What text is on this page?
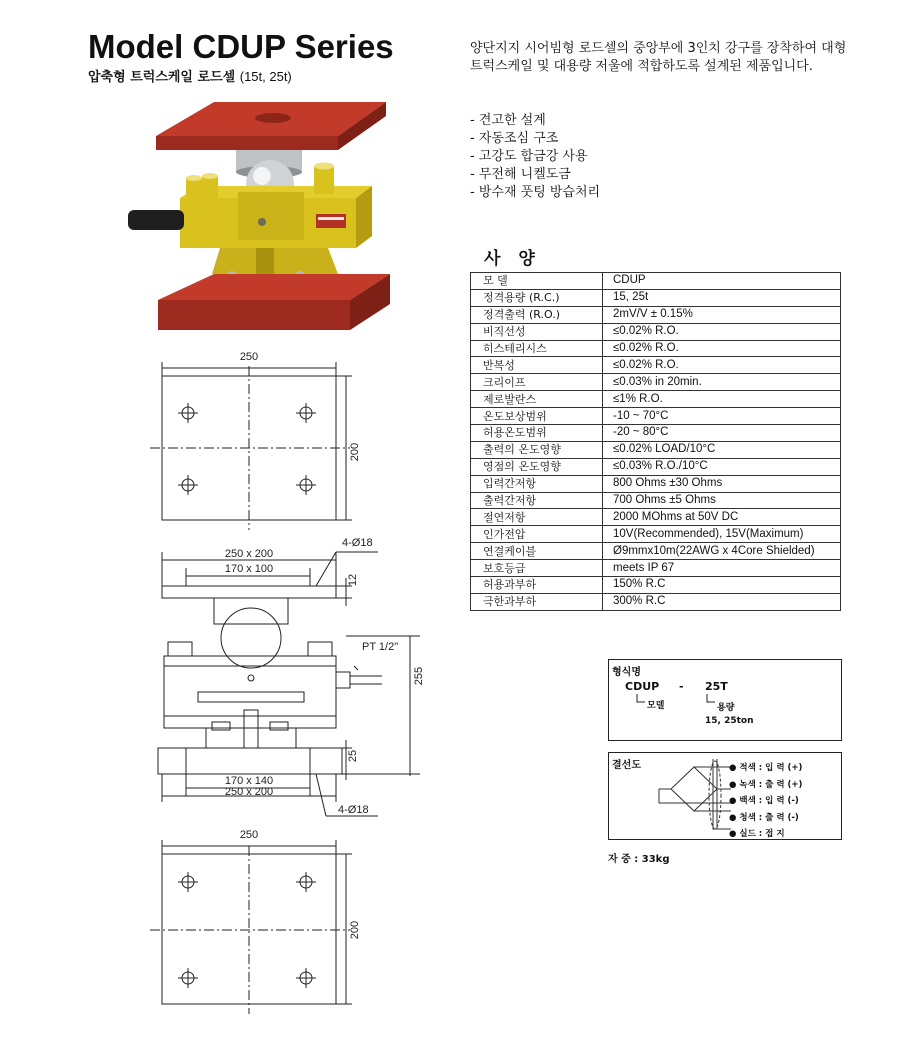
Model CDUP Series
압축형 트럭스케일 로드셀 (15t, 25t)
250
200
250 x 200
170 x 100
4-Ø18
12
PT 1/2"
255
25
170 x 140
250 x 200
4-Ø18
250
200
양단지지 시어빔형 로드셀의 중앙부에 3인치 강구를 장착하여 대형트럭스케일 및 대용량 저울에 적합하도록 설계된 제품입니다.
- 견고한 설계
- 자동조심 구조
- 고강도 합금강 사용
- 무전해 니켈도금
- 방수재 풋팅 방습처리
사 양
모 델	CDUP
정격용량 (R.C.)	15, 25t
정격출력 (R.O.)	2mV/V ± 0.15%
비직선성	≤0.02% R.O.
히스테리시스	≤0.02% R.O.
반복성	≤0.02% R.O.
크리이프	≤0.03% in 20min.
제로발란스	≤1% R.O.
온도보상범위	-10 ~ 70°C
허용온도범위	-20 ~ 80°C
출력의 온도영향	≤0.02% LOAD/10°C
영점의 온도영향	≤0.03% R.O./10°C
입력간저항	800 Ohms ±30 Ohms
출력간저항	700 Ohms ±5 Ohms
절연저항	2000 MOhms at 50V DC
인가전압	10V(Recommended), 15V(Maximum)
연결케이블	Ø9mmx10m(22AWG x 4Core Shielded)
보호등급	meets IP 67
허용과부하	150% R.C
극한과부하	300% R.C
형식명
CDUP - 25T
모델	용량
15, 25ton
결선도	● 적색 : 입 력 (+)
● 녹색 : 출 력 (+)
● 백색 : 입 력 (-)
● 청색 : 출 력 (-)
● 실드 : 접 지
자 중 : 33kg
